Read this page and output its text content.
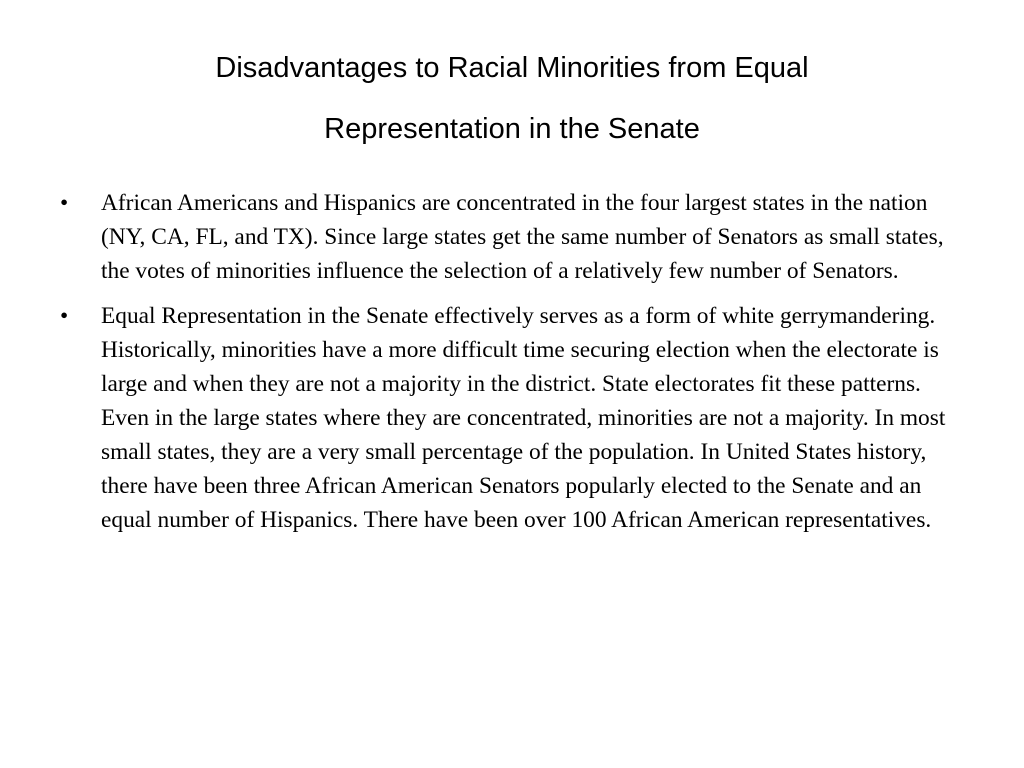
Disadvantages to Racial Minorities from Equal
Representation in the Senate
•	African Americans and Hispanics are concentrated in the four largest states in the nation (NY, CA, FL, and TX). Since large states get the same number of Senators as small states, the votes of minorities influence the selection of a relatively few number of Senators.
•	Equal Representation in the Senate effectively serves as a form of white gerrymandering. Historically, minorities have a more difficult time securing election when the electorate is large and when they are not a majority in the district. State electorates fit these patterns. Even in the large states where they are concentrated, minorities are not a majority. In most small states, they are a very small percentage of the population. In United States history, there have been three African American Senators popularly elected to the Senate and an equal number of Hispanics. There have been over 100 African American representatives.
